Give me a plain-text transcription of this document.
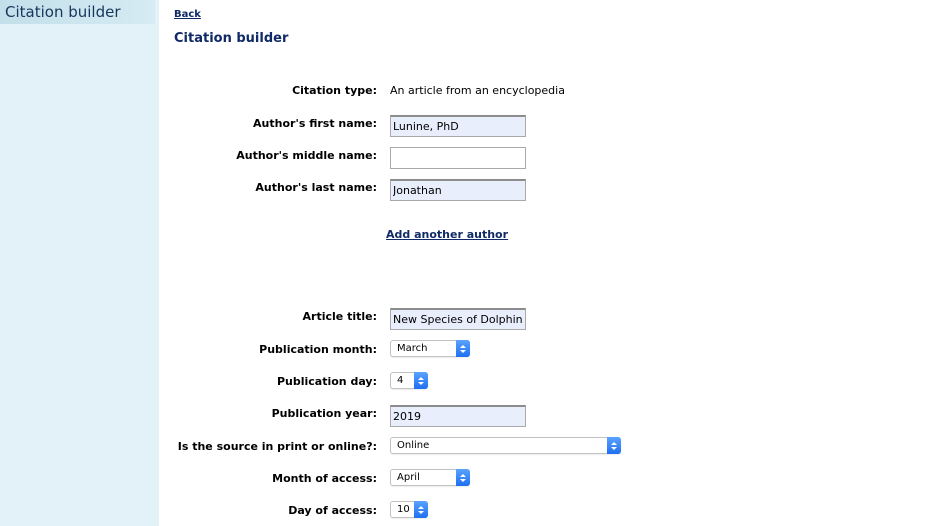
Citation builder	Back
Citation builder
Citation type: An article from an encyclopedia
Author's first name:
Lunine, PhD
Author's middle name:
Author's last name:
Jonathan
Add another author
Article title:
New Species of Dolphin Di
Publication month:	March
Publication day:	4
Publication year:
2019
Is the source in print or online?:	Online
Month of access:	April
Day of access:	10
